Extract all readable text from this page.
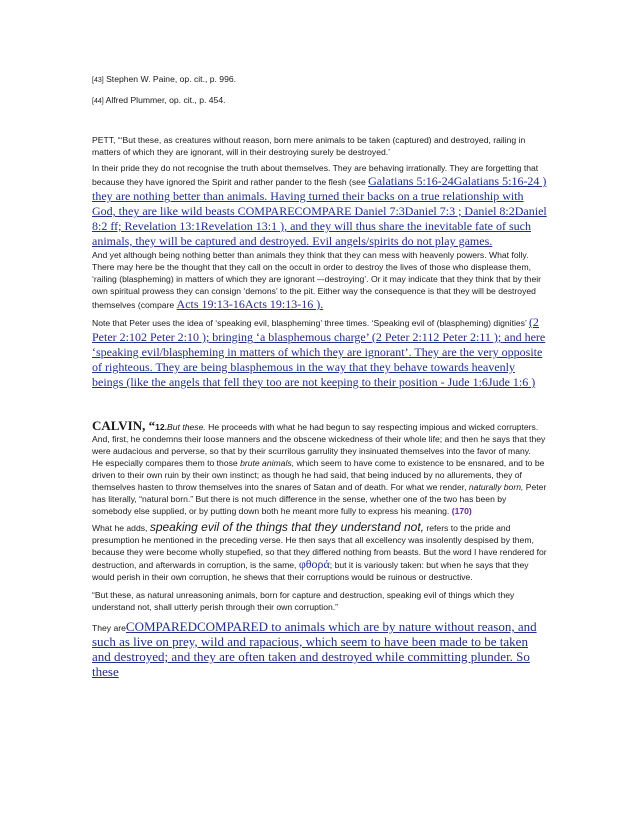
[43] Stephen W. Paine, op. cit., p. 996.

[44] Alfred Plummer, op. cit., p. 454.

PETT, “‘But these, as creatures without reason, born mere animals to be taken (captured) and destroyed, railing in matters of which they are ignorant, will in their destroying surely be destroyed.’

In their pride they do not recognise the truth about themselves. They are behaving irrationally. They are forgetting that because they have ignored the Spirit and rather pander to the flesh (see Galatians 5:16-24Galatians 5:16-24 ) they are nothing better than animals. Having turned their backs on a true relationship with God, they are like wild beasts COMPARECOMPARE Daniel 7:3Daniel 7:3 ; Daniel 8:2Daniel 8:2 ff; Revelation 13:1Revelation 13:1 ), and they will thus share the inevitable fate of such animals, they will be captured and destroyed. Evil angels/spirits do not play games.

And yet although being nothing better than animals they think that they can mess with heavenly powers. What folly. There may here be the thought that they call on the occult in order to destroy the lives of those who displease them, ‘railing (blaspheming) in matters of which they are ignorant –-destroying’. Or it may indicate that they think that by their own spiritual prowess they can consign ‘demons’ to the pit. Either way the consequence is that they will be destroyed themselves (compare Acts 19:13-16Acts 19:13-16 ).

Note that Peter uses the idea of ‘speaking evil, blaspheming’ three times. ‘Speaking evil of (blaspheming) dignities’ (2 Peter 2:102 Peter 2:10 ); bringing ‘a blasphemous charge’ (2 Peter 2:112 Peter 2:11 ); and here ‘speaking evil/blaspheming in matters of which they are ignorant’. They are the very opposite of righteous. They are being blasphemous in the way that they behave towards heavenly beings (like the angels that fell they too are not keeping to their position - Jude 1:6Jude 1:6 )

CALVIN, “12.But these. He proceeds with what he had begun to say respecting impious and wicked corrupters. And, first, he condemns their loose manners and the obscene wickedness of their whole life; and then he says that they were audacious and perverse, so that by their scurrilous garrulity they insinuated themselves into the favor of many.

He especially compares them to those brute animals, which seem to have come to existence to be ensnared, and to be driven to their own ruin by their own instinct; as though he had said, that being induced by no allurements, they of themselves hasten to throw themselves into the snares of Satan and of death. For what we render, naturally born, Peter has literally, “natural born.” But there is not much difference in the sense, whether one of the two has been by somebody else supplied, or by putting down both he meant more fully to express his meaning. (170)

What he adds, speaking evil of the things that they understand not, refers to the pride and presumption he mentioned in the preceding verse. He then says that all excellency was insolently despised by them, because they were become wholly stupefied, so that they differed nothing from beasts. But the word I have rendered for destruction, and afterwards in corruption, is the same, φθορά; but it is variously taken: but when he says that they would perish in their own corruption, he shews that their corruptions would be ruinous or destructive.

“But these, as natural unreasoning animals, born for capture and destruction, speaking evil of things which they understand not, shall utterly perish through their own corruption.”

They areCOMPAREDCOMPARED to animals which are by nature without reason, and such as live on prey, wild and rapacious, which seem to have been made to be taken and destroyed; and they are often taken and destroyed while committing plunder. So these
